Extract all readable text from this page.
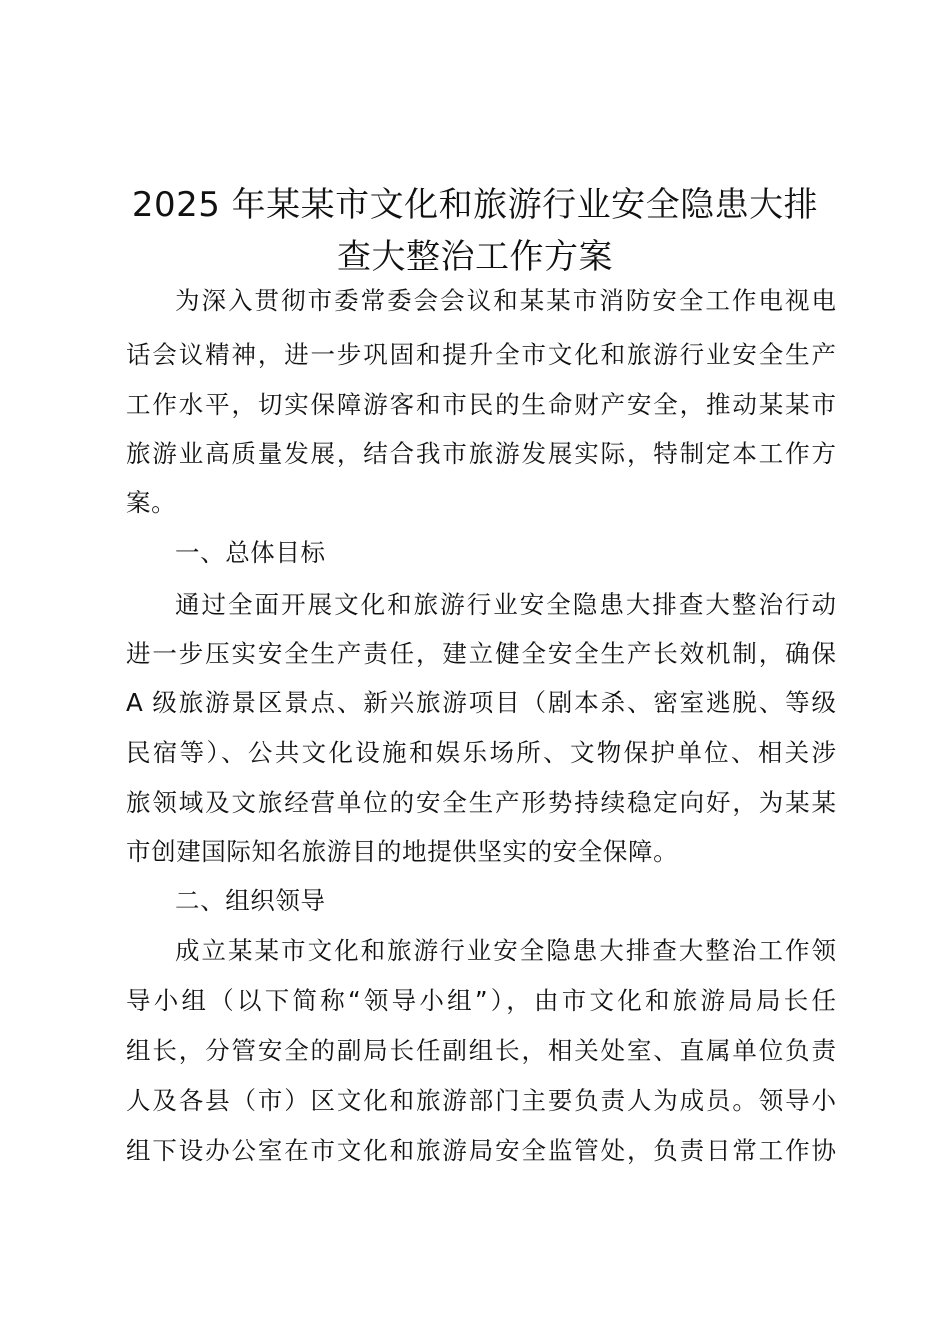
2025 年某某市文化和旅游行业安全隐患大排
查大整治工作方案
为深入贯彻市委常委会会议和某某市消防安全工作电视电
话会议精神，进一步巩固和提升全市文化和旅游行业安全生产
工作水平，切实保障游客和市民的生命财产安全，推动某某市
旅游业高质量发展，结合我市旅游发展实际，特制定本工作方
案。
一、总体目标
通过全面开展文化和旅游行业安全隐患大排查大整治行动
进一步压实安全生产责任，建立健全安全生产长效机制，确保
A 级旅游景区景点、新兴旅游项目（剧本杀、密室逃脱、等级
民宿等）、公共文化设施和娱乐场所、文物保护单位、相关涉
旅领域及文旅经营单位的安全生产形势持续稳定向好，为某某
市创建国际知名旅游目的地提供坚实的安全保障。
二、组织领导
成立某某市文化和旅游行业安全隐患大排查大整治工作领
导小组（以下简称“领导小组”），由市文化和旅游局局长任
组长，分管安全的副局长任副组长，相关处室、直属单位负责
人及各县（市）区文化和旅游部门主要负责人为成员。领导小
组下设办公室在市文化和旅游局安全监管处，负责日常工作协
